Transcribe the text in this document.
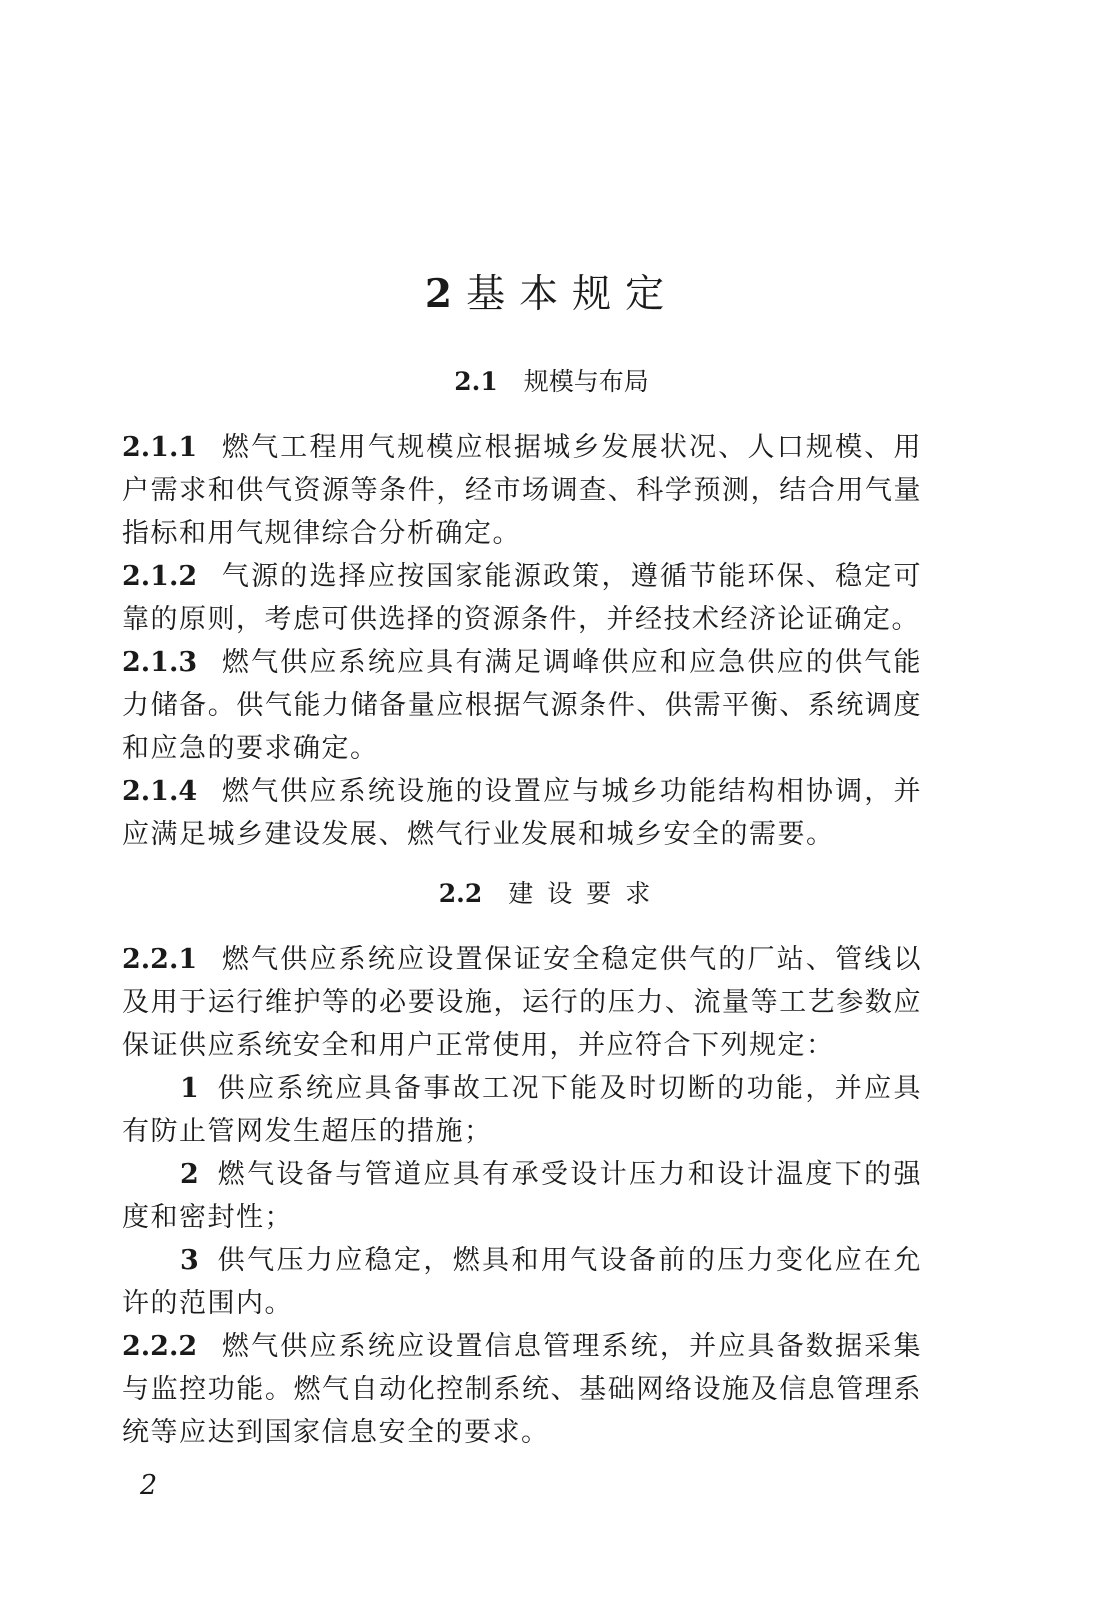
2 基本规定
2.1 规模与布局

2.1.1 燃气工程用气规模应根据城乡发展状况、人口规模、用户需求和供气资源等条件，经市场调查、科学预测，结合用气量指标和用气规律综合分析确定。

2.1.2 气源的选择应按国家能源政策，遵循节能环保、稳定可靠的原则，考虑可供选择的资源条件，并经技术经济论证确定。

2.1.3 燃气供应系统应具有满足调峰供应和应急供应的供气能力储备。供气能力储备量应根据气源条件、供需平衡、系统调度和应急的要求确定。

2.1.4 燃气供应系统设施的设置应与城乡功能结构相协调，并应满足城乡建设发展、燃气行业发展和城乡安全的需要。

2.2 建设要求

2.2.1 燃气供应系统应设置保证安全稳定供气的厂站、管线以及用于运行维护等的必要设施，运行的压力、流量等工艺参数应保证供应系统安全和用户正常使用，并应符合下列规定：

1 供应系统应具备事故工况下能及时切断的功能，并应具有防止管网发生超压的措施；

2 燃气设备与管道应具有承受设计压力和设计温度下的强度和密封性；

3 供气压力应稳定，燃具和用气设备前的压力变化应在允许的范围内。

2.2.2 燃气供应系统应设置信息管理系统，并应具备数据采集与监控功能。燃气自动化控制系统、基础网络设施及信息管理系统等应达到国家信息安全的要求。

2
